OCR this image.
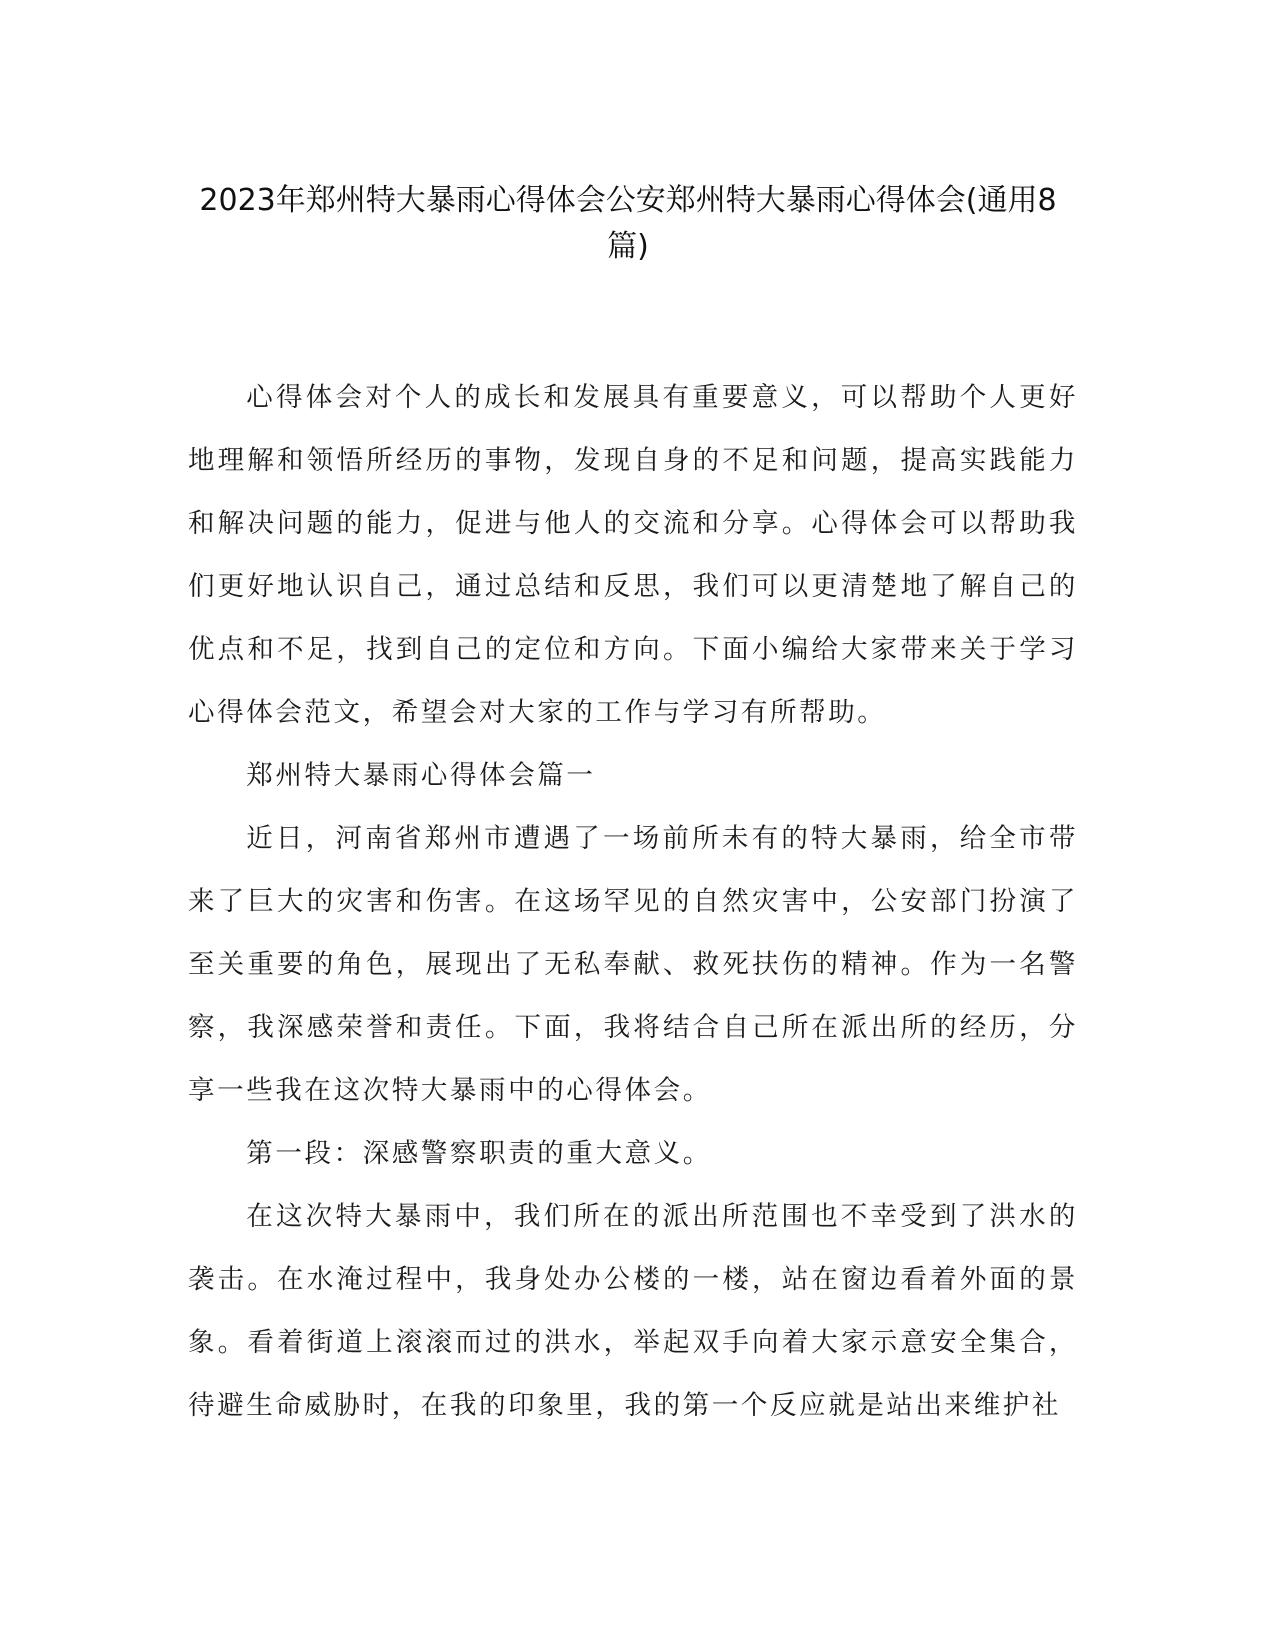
2023年郑州特大暴雨心得体会公安郑州特大暴雨心得体会(通用8篇)

心得体会对个人的成长和发展具有重要意义，可以帮助个人更好地理解和领悟所经历的事物，发现自身的不足和问题，提高实践能力和解决问题的能力，促进与他人的交流和分享。心得体会可以帮助我们更好地认识自己，通过总结和反思，我们可以更清楚地了解自己的优点和不足，找到自己的定位和方向。下面小编给大家带来关于学习心得体会范文，希望会对大家的工作与学习有所帮助。

郑州特大暴雨心得体会篇一

近日，河南省郑州市遭遇了一场前所未有的特大暴雨，给全市带来了巨大的灾害和伤害。在这场罕见的自然灾害中，公安部门扮演了至关重要的角色，展现出了无私奉献、救死扶伤的精神。作为一名警察，我深感荣誉和责任。下面，我将结合自己所在派出所的经历，分享一些我在这次特大暴雨中的心得体会。

第一段：深感警察职责的重大意义。

在这次特大暴雨中，我们所在的派出所范围也不幸受到了洪水的袭击。在水淹过程中，我身处办公楼的一楼，站在窗边看着外面的景象。看着街道上滚滚而过的洪水，举起双手向着大家示意安全集合，待避生命威胁时，在我的印象里，我的第一个反应就是站出来维护社
